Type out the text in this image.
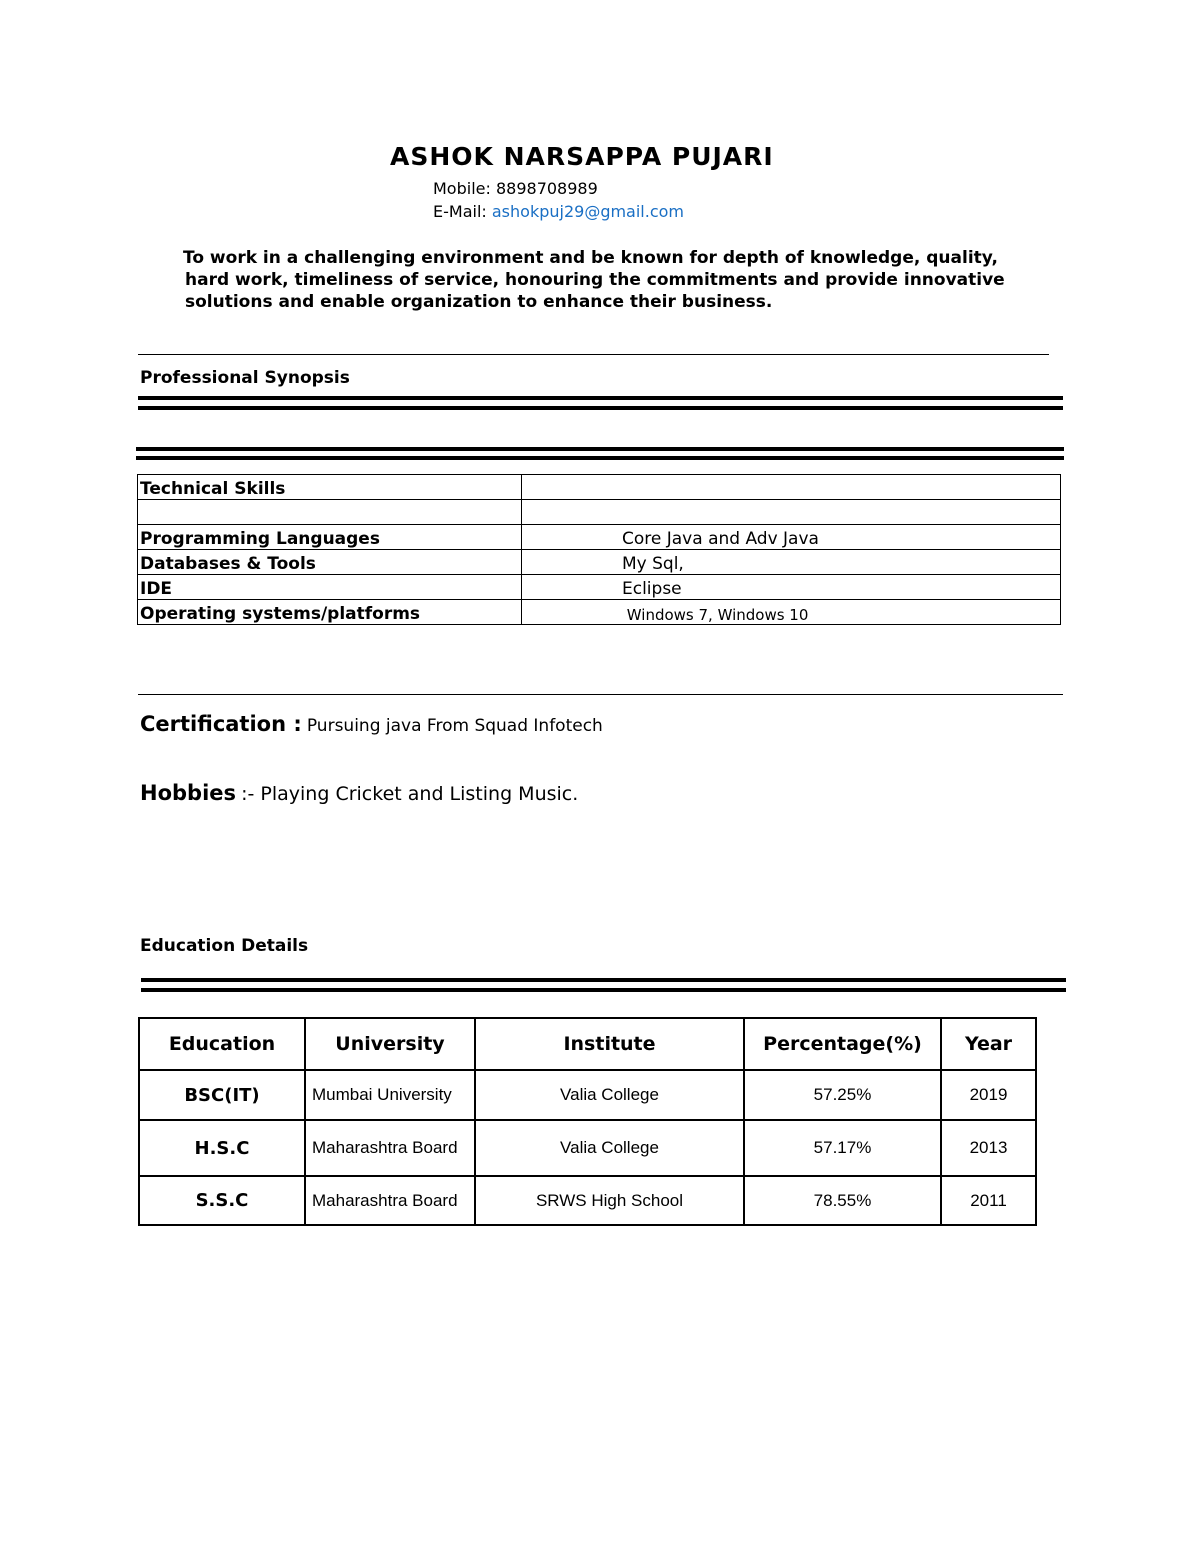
ASHOK NARSAPPA PUJARI
Mobile: 8898708989
E-Mail: ashokpuj29@gmail.com

To work in a challenging environment and be known for depth of knowledge, quality,

hard work, timeliness of service, honouring the commitments and provide innovative

solutions and enable organization to enhance their business.

Professional Synopsis
Technical Skills	

Programming Languages	Core Java and Adv Java
Databases & Tools	My Sql,
IDE	Eclipse
Operating systems/platforms	Windows 7, Windows 10
Certification : Pursuing java From Squad Infotech
Hobbies :- Playing Cricket and Listing Music.
Education Details
Education	University	Institute	Percentage(%)	Year
BSC(IT)	Mumbai University	Valia College	57.25%	2019
H.S.C	Maharashtra Board	Valia College	57.17%	2013
S.S.C	Maharashtra Board	SRWS High School	78.55%	2011
